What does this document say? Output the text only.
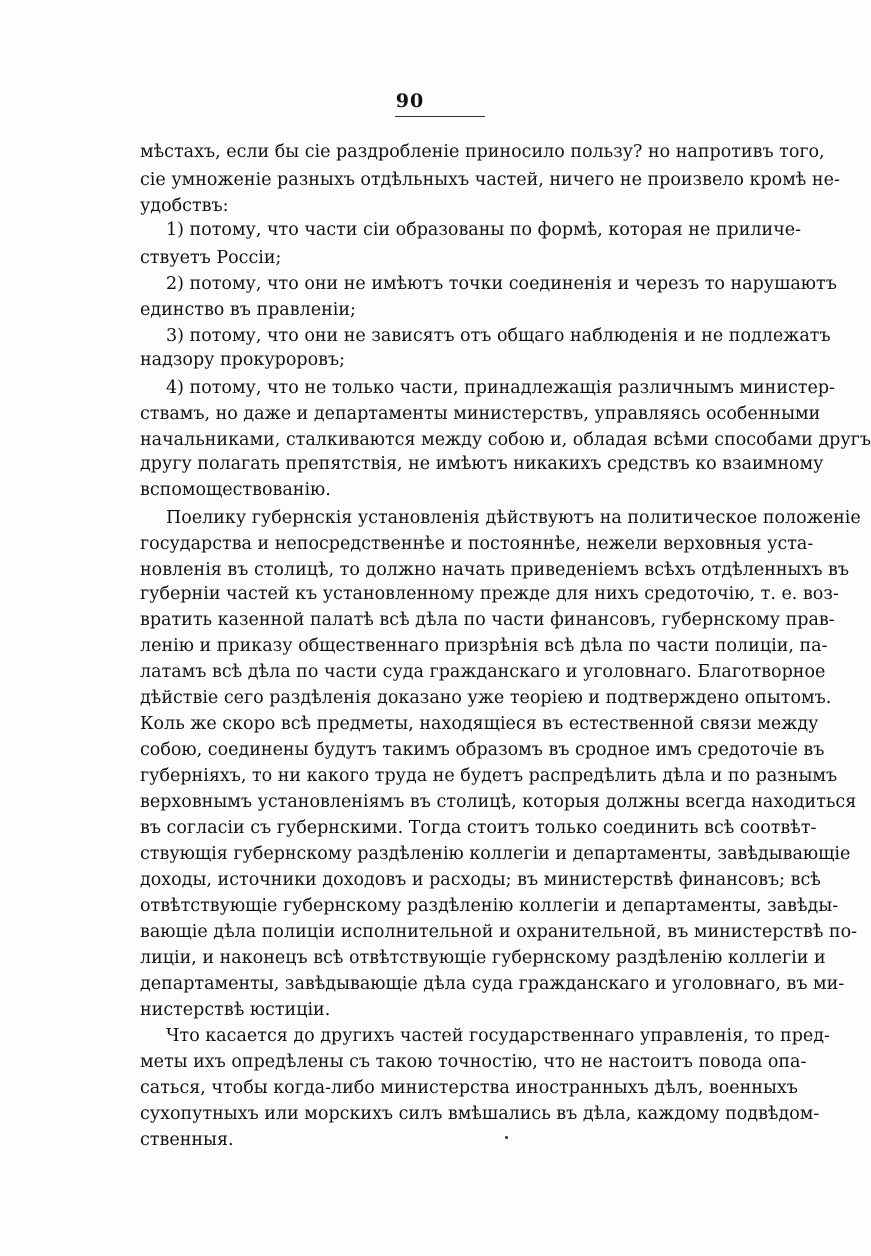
90
мѣстахъ, если бы сіе раздробленіе приносило пользу? но напротивъ того,
сіе умноженіе разныхъ отдѣльныхъ частей, ничего не произвело кромѣ не-
удобствъ:
1) потому, что части сіи образованы по формѣ, которая не приличе-
ствуетъ Россіи;
2) потому, что они не имѣютъ точки соединенія и черезъ то нарушаютъ
единство въ правленіи;
3) потому, что они не зависятъ отъ общаго наблюденія и не подлежатъ
надзору прокуроровъ;
4) потому, что не только части, принадлежащія различнымъ министер-
ствамъ, но даже и департаменты министерствъ, управляясь особенными
начальниками, сталкиваются между собою и, обладая всѣми способами другъ
другу полагать препятствія, не имѣютъ никакихъ средствъ ко взаимному
вспомоществованію.
Поелику губернскія установленія дѣйствуютъ на политическое положеніе
государства и непосредственнѣе и постояннѣе, нежели верховныя уста-
новленія въ столицѣ, то должно начать приведеніемъ всѣхъ отдѣленныхъ въ
губерніи частей къ установленному прежде для нихъ средоточію, т. е. воз-
вратить казенной палатѣ всѣ дѣла по части финансовъ, губернскому прав-
ленію и приказу общественнаго призрѣнія всѣ дѣла по части полиціи, па-
латамъ всѣ дѣла по части суда гражданскаго и уголовнаго. Благотворное
дѣйствіе сего раздѣленія доказано уже теоріею и подтверждено опытомъ.
Коль же скоро всѣ предметы, находящіеся въ естественной связи между
собою, соединены будутъ такимъ образомъ въ сродное имъ средоточіе въ
губерніяхъ, то ни какого труда не будетъ распредѣлить дѣла и по разнымъ
верховнымъ установленіямъ въ столицѣ, которыя должны всегда находиться
въ согласіи съ губернскими. Тогда стоитъ только соединить всѣ соотвѣт-
ствующія губернскому раздѣленію коллегіи и департаменты, завѣдывающіе
доходы, источники доходовъ и расходы; въ министерствѣ финансовъ; всѣ
отвѣтствующіе губернскому раздѣленію коллегіи и департаменты, завѣды-
вающіе дѣла полиціи исполнительной и охранительной, въ министерствѣ по-
лиціи, и наконецъ всѣ отвѣтствующіе губернскому раздѣленію коллегіи и
департаменты, завѣдывающіе дѣла суда гражданскаго и уголовнаго, въ ми-
нистерствѣ юстиціи.
Что касается до другихъ частей государственнаго управленія, то пред-
меты ихъ опредѣлены съ такою точностію, что не настоитъ повода опа-
саться, чтобы когда-либо министерства иностранныхъ дѣлъ, военныхъ
сухопутныхъ или морскихъ силъ вмѣшались въ дѣла, каждому подвѣдом-
ственныя.
